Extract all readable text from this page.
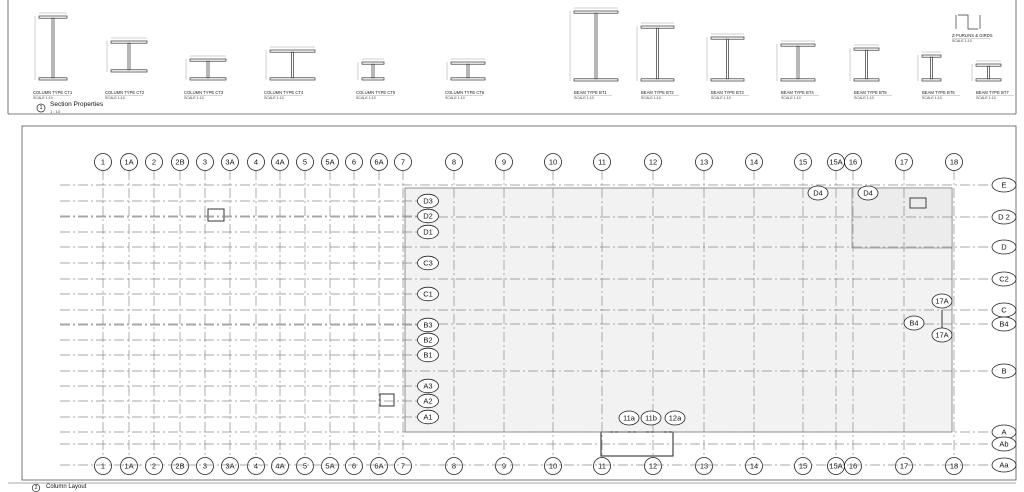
COLUMN TYPE CT1
SCALE 1:10
COLUMN TYPE CT2
SCALE 1:10
COLUMN TYPE CT3
SCALE 1:10
COLUMN TYPE CT4
SCALE 1:10
COLUMN TYPE CT5
SCALE 1:10
COLUMN TYPE CT6
SCALE 1:10
BEAM TYPE BT1
SCALE 1:10
BEAM TYPE BT2
SCALE 1:10
BEAM TYPE BT3
SCALE 1:10
BEAM TYPE BT4
SCALE 1:10
BEAM TYPE BT5
SCALE 1:10
BEAM TYPE BT6
SCALE 1:10
BEAM TYPE BT7
SCALE 1:10
Z-PURLINS & GIRDS
SCALE 1:10
1 Section Properties
1 : 10
1
1
1A
1A
2
2
2B
2B
3
3
3A
3A
4
4
4A
4A
5
5
5A
5A
6
6
6A
6A
7
7
8
8
9
9
10
10
11
11
12
12
13
13
14
14
15
15
15A
15A
16
16
17
17
18
18
E
D 2
D
C2
C
B4
B
A
Ab
Aa
D3
D2
D1
C3
C1
B3
B2
B1
A3
A2
A1
D4	D4
17A
17A
B4
11a 11b 12a
2 Column Layout
